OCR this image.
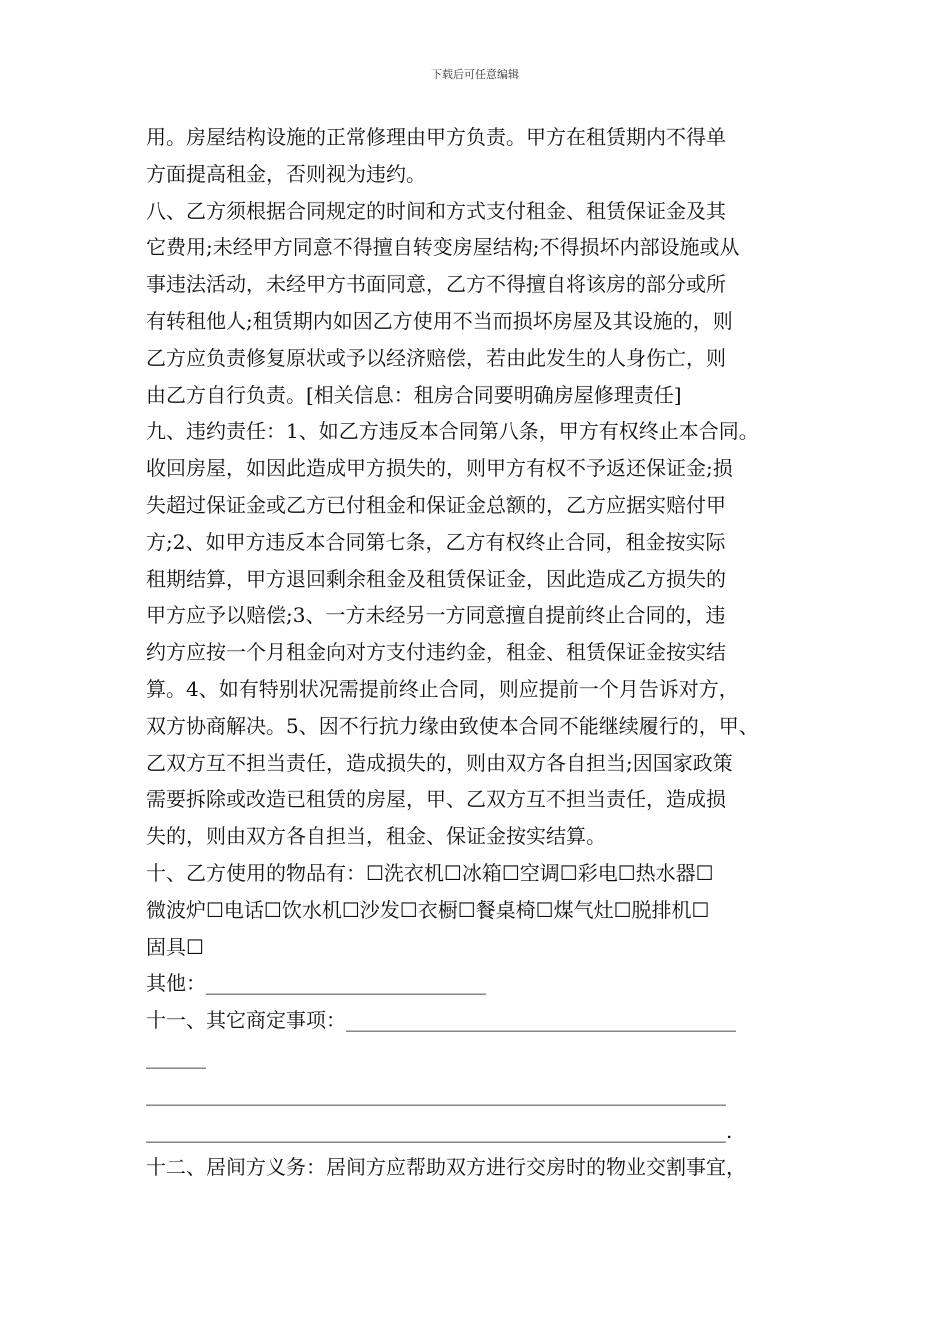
下载后可任意编辑
用。房屋结构设施的正常修理由甲方负责。甲方在租赁期内不得单
方面提高租金，否则视为违约。
八、乙方须根据合同规定的时间和方式支付租金、租赁保证金及其
它费用;未经甲方同意不得擅自转变房屋结构;不得损坏内部设施或从
事违法活动，未经甲方书面同意，乙方不得擅自将该房的部分或所
有转租他人;租赁期内如因乙方使用不当而损坏房屋及其设施的，则
乙方应负责修复原状或予以经济赔偿，若由此发生的人身伤亡，则
由乙方自行负责。[相关信息：租房合同要明确房屋修理责任]
九、违约责任：1、如乙方违反本合同第八条，甲方有权终止本合同。
收回房屋，如因此造成甲方损失的，则甲方有权不予返还保证金;损
失超过保证金或乙方已付租金和保证金总额的，乙方应据实赔付甲
方;2、如甲方违反本合同第七条，乙方有权终止合同，租金按实际
租期结算，甲方退回剩余租金及租赁保证金，因此造成乙方损失的
甲方应予以赔偿;3、一方未经另一方同意擅自提前终止合同的，违
约方应按一个月租金向对方支付违约金，租金、租赁保证金按实结
算。4、如有特别状况需提前终止合同，则应提前一个月告诉对方，
双方协商解决。5、因不行抗力缘由致使本合同不能继续履行的，甲、
乙双方互不担当责任，造成损失的，则由双方各自担当;因国家政策
需要拆除或改造已租赁的房屋，甲、乙双方互不担当责任，造成损
失的，则由双方各自担当，租金、保证金按实结算。
十、乙方使用的物品有：☐洗衣机☐冰箱☐空调☐彩电☐热水器☐
微波炉☐电话☐饮水机☐沙发☐衣橱☐餐桌椅☐煤气灶☐脱排机☐
固具☐
其他：____________________________
十一、其它商定事项：_______________________________________
______
__________________________________________________________
__________________________________________________________.
十二、居间方义务：居间方应帮助双方进行交房时的物业交割事宜，
